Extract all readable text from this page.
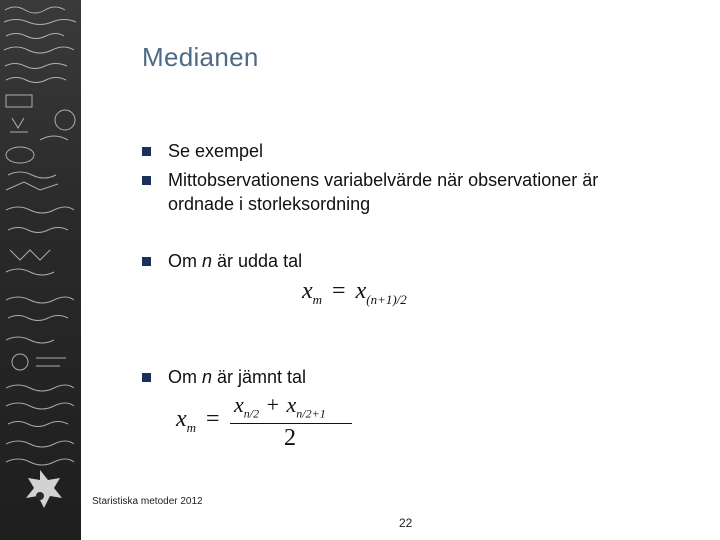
Medianen
Se exempel
Mittobservationens variabelvärde när observationer är
ordnade i storleksordning
Om n är udda tal
$x_m = x_{(n+1)/2}$
Om n är jämnt tal
$x_m$ =
$x_{n/2} + x_{n/2+1}$
2
Staristiska metoder 2012
22
